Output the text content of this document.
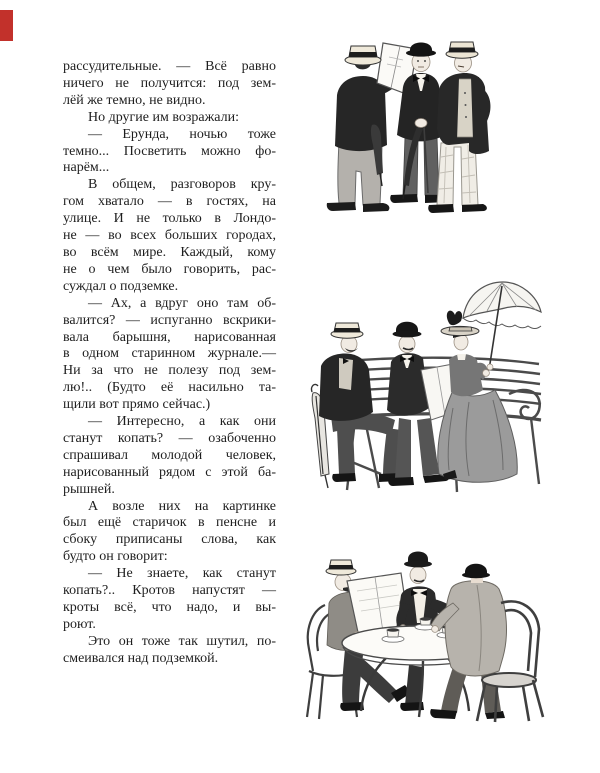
рассудительные. — Всё равно
ничего не получится: под зем-
лёй же темно, не видно.
Но другие им возражали:
— Ерунда, ночью тоже
темно... Посветить можно фо-
нарём...
В общем, разговоров кру-
гом хватало — в гостях, на
улице. И не только в Лондо-
не — во всех больших городах,
во всём мире. Каждый, кому
не о чем было говорить, рас-
суждал о подземке.
— Ах, а вдруг оно там об-
валится? — испуганно вскрики-
вала барышня, нарисованная
в одном старинном журнале.—
Ни за что не полезу под зем-
лю!.. (Будто её насильно та-
щили вот прямо сейчас.)
— Интересно, а как они
станут копать? — озабоченно
спрашивал молодой человек,
нарисованный рядом с этой ба-
рышней.
А возле них на картинке
был ещё старичок в пенсне и
сбоку приписаны слова, как
будто он говорит:
— Не знаете, как станут
копать?.. Кротов напустят —
кроты всё, что надо, и вы-
роют.
Это он тоже так шутил, по-
смеивался над подземкой.
